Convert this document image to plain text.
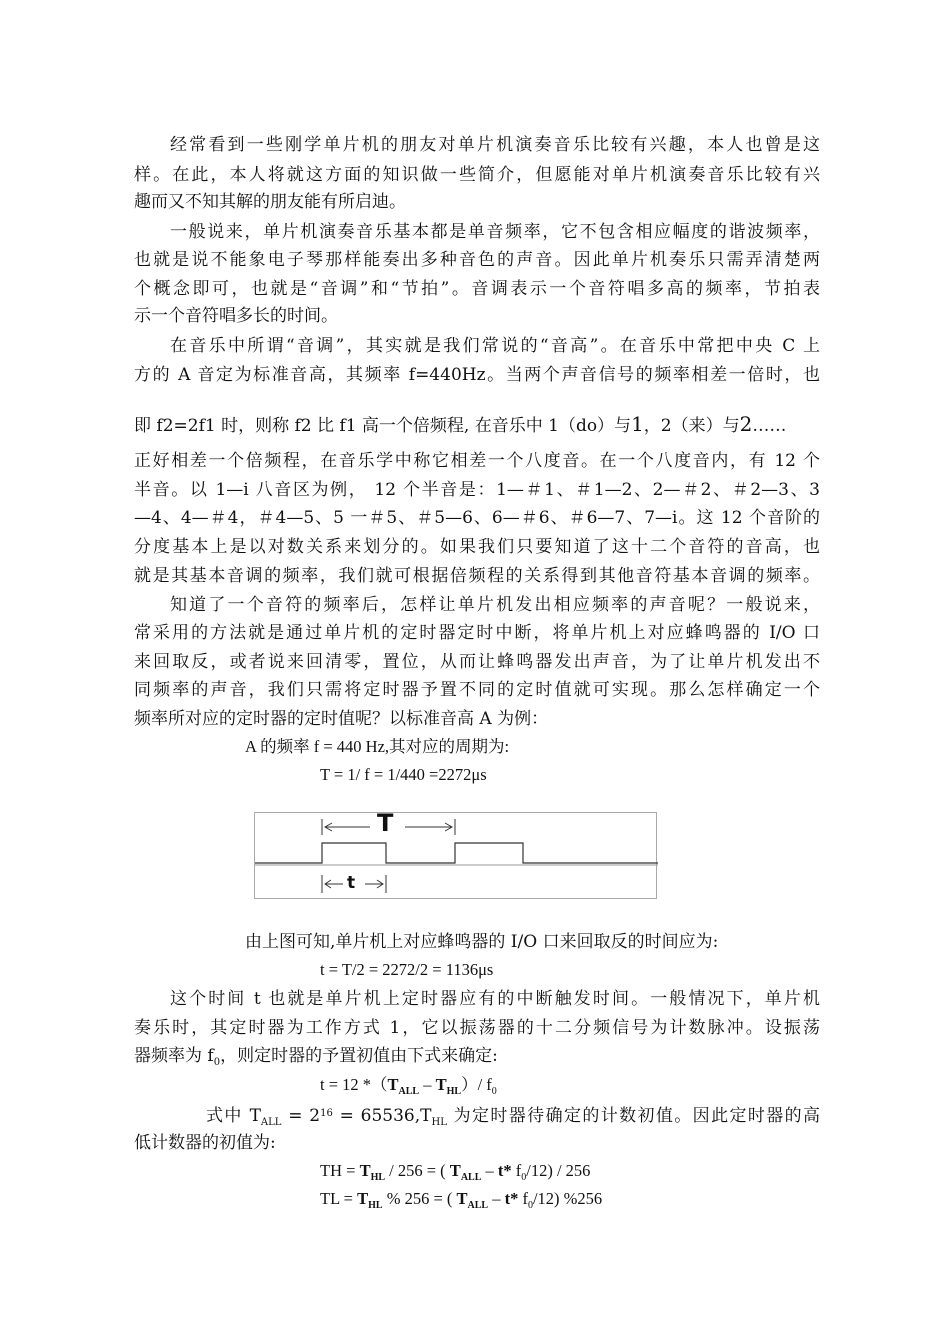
经常看到一些刚学单片机的朋友对单片机演奏音乐比较有兴趣，本人也曾是这
样。在此，本人将就这方面的知识做一些简介，但愿能对单片机演奏音乐比较有兴
趣而又不知其解的朋友能有所启迪。
一般说来，单片机演奏音乐基本都是单音频率，它不包含相应幅度的谐波频率，
也就是说不能象电子琴那样能奏出多种音色的声音。因此单片机奏乐只需弄清楚两
个概念即可，也就是“音调”和“节拍”。音调表示一个音符唱多高的频率，节拍表
示一个音符唱多长的时间。
在音乐中所谓“音调”，其实就是我们常说的“音高”。在音乐中常把中央 C 上
方的 A 音定为标准音高，其频率 f=440Hz。当两个声音信号的频率相差一倍时，也
即 f2=2f1 时，则称 f2 比 f1 高一个倍频程, 在音乐中 1（do）与1，2（来）与2……
正好相差一个倍频程，在音乐学中称它相差一个八度音。在一个八度音内，有 12 个
半音。以 1—i 八音区为例， 12 个半音是：1—＃1、＃1—2、2—＃2、＃2—3、3
—4、4—＃4，＃4—5、5 一＃5、＃5—6、6—＃6、＃6—7、7—i。这 12 个音阶的
分度基本上是以对数关系来划分的。如果我们只要知道了这十二个音符的音高，也
就是其基本音调的频率，我们就可根据倍频程的关系得到其他音符基本音调的频率。
知道了一个音符的频率后，怎样让单片机发出相应频率的声音呢？一般说来，
常采用的方法就是通过单片机的定时器定时中断，将单片机上对应蜂鸣器的 I/O 口
来回取反，或者说来回清零，置位，从而让蜂鸣器发出声音，为了让单片机发出不
同频率的声音，我们只需将定时器予置不同的定时值就可实现。那么怎样确定一个
频率所对应的定时器的定时值呢？以标准音高 A 为例：
A 的频率 f = 440 Hz,其对应的周期为:
T = 1/ f = 1/440 =2272μs
T
t
由上图可知,单片机上对应蜂鸣器的 I/O 口来回取反的时间应为:
t = T/2 = 2272/2 = 1136μs
这个时间 t 也就是单片机上定时器应有的中断触发时间。一般情况下，单片机
奏乐时，其定时器为工作方式 1，它以振荡器的十二分频信号为计数脉冲。设振荡
器频率为 $f_0$，则定时器的予置初值由下式来确定:
t = 12 $*(T_{ALL} - T_{HL})/$ $f_0$
式中 $T_{ALL} = 2^{16} = 65536,T_{HL}$ 为定时器待确定的计数初值。因此定时器的高
低计数器的初值为:
TH = $T_{HL} / 256$ = ( $T_{ALL} - t*$ $f_0/12) / 256$
TL = $T_{HL}$ % 256 = ( $T_{ALL} - t*$ $f_0/12$) %256
